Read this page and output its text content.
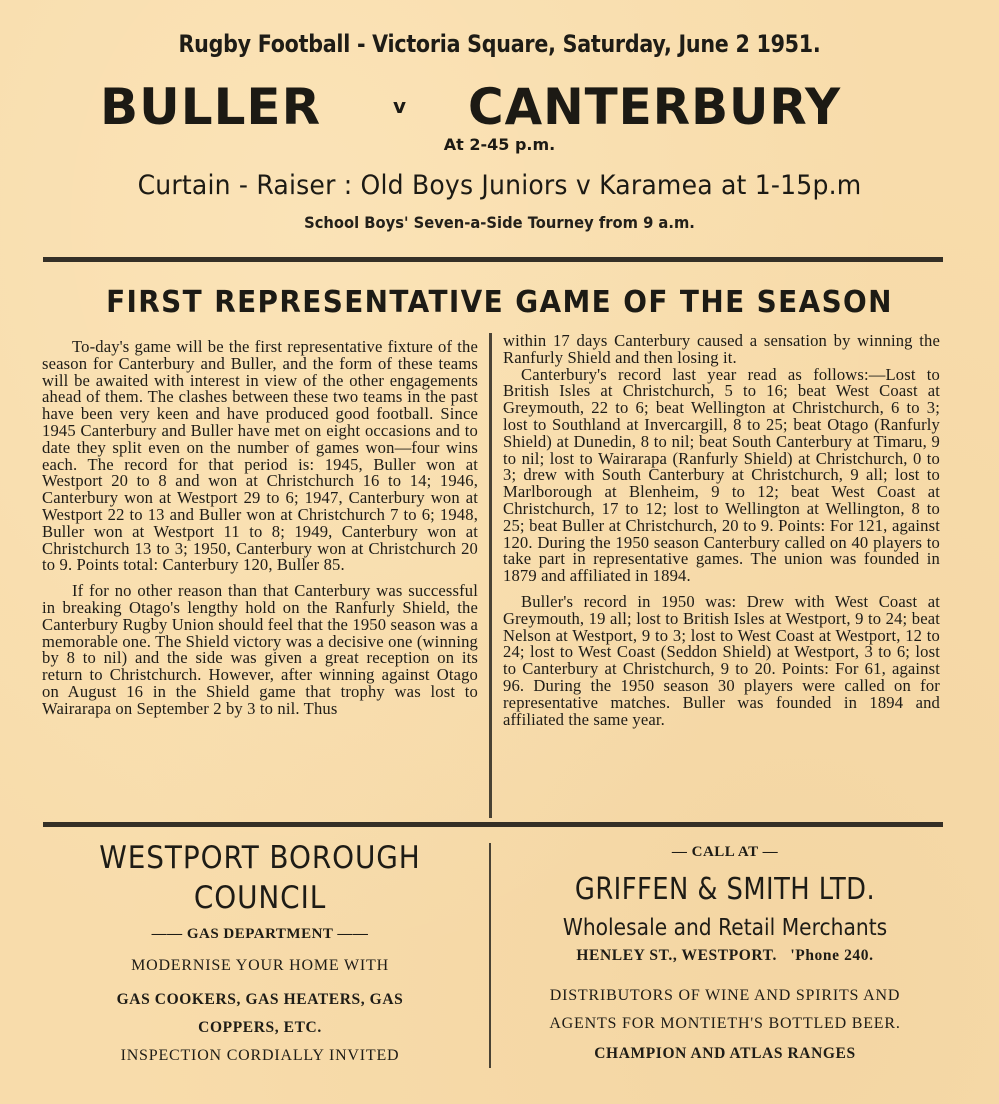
Rugby Football - Victoria Square, Saturday, June 2 1951.
BULLER	v CANTERBURY
At 2-45 p.m.
Curtain - Raiser : Old Boys Juniors v Karamea at 1-15p.m
School Boys' Seven-a-Side Tourney from 9 a.m.
FIRST REPRESENTATIVE GAME OF THE SEASON

To-day's game will be the first representative fixture of the season for Canterbury and Buller, and the form of these teams will be awaited with interest in view of the other engagements ahead of them. The clashes between these two teams in the past have been very keen and have produced good football. Since 1945 Canterbury and Buller have met on eight occasions and to date they split even on the number of games won—four wins each. The record for that period is: 1945, Buller won at Westport 20 to 8 and won at Christchurch 16 to 14; 1946, Canterbury won at Westport 29 to 6; 1947, Canterbury won at Westport 22 to 13 and Buller won at Christchurch 7 to 6; 1948, Buller won at Westport 11 to 8; 1949, Canterbury won at Christchurch 13 to 3; 1950, Canterbury won at Christchurch 20 to 9. Points total: Canterbury 120, Buller 85.

If for no other reason than that Canterbury was successful in breaking Otago's lengthy hold on the Ranfurly Shield, the Canterbury Rugby Union should feel that the 1950 season was a memorable one. The Shield victory was a decisive one (winning by 8 to nil) and the side was given a great reception on its return to Christchurch. However, after winning against Otago on August 16 in the Shield game that trophy was lost to Wairarapa on September 2 by 3 to nil. Thus

within 17 days Canterbury caused a sensation by winning the Ranfurly Shield and then losing it.

Canterbury's record last year read as follows:—Lost to British Isles at Christchurch, 5 to 16; beat West Coast at Greymouth, 22 to 6; beat Wellington at Christchurch, 6 to 3; lost to Southland at Invercargill, 8 to 25; beat Otago (Ranfurly Shield) at Dunedin, 8 to nil; beat South Canterbury at Timaru, 9 to nil; lost to Wairarapa (Ranfurly Shield) at Christchurch, 0 to 3; drew with South Canterbury at Christchurch, 9 all; lost to Marlborough at Blenheim, 9 to 12; beat West Coast at Christchurch, 17 to 12; lost to Wellington at Wellington, 8 to 25; beat Buller at Christchurch, 20 to 9. Points: For 121, against 120. During the 1950 season Canterbury called on 40 players to take part in representative games. The union was founded in 1879 and affiliated in 1894.

Buller's record in 1950 was: Drew with West Coast at Greymouth, 19 all; lost to British Isles at Westport, 9 to 24; beat Nelson at Westport, 9 to 3; lost to West Coast at Westport, 12 to 24; lost to West Coast (Seddon Shield) at Westport, 3 to 6; lost to Canterbury at Christchurch, 9 to 20. Points: For 61, against 96. During the 1950 season 30 players were called on for representative matches. Buller was founded in 1894 and affiliated the same year.

WESTPORT BOROUGH
COUNCIL
—— GAS DEPARTMENT ——
MODERNISE YOUR HOME WITH
GAS COOKERS, GAS HEATERS, GAS
COPPERS, ETC.
INSPECTION CORDIALLY INVITED
— CALL AT —
GRIFFEN & SMITH LTD.
Wholesale and Retail Merchants
HENLEY ST., WESTPORT.   'Phone 240.
DISTRIBUTORS OF WINE AND SPIRITS AND
AGENTS FOR MONTIETH'S BOTTLED BEER.
CHAMPION AND ATLAS RANGES
